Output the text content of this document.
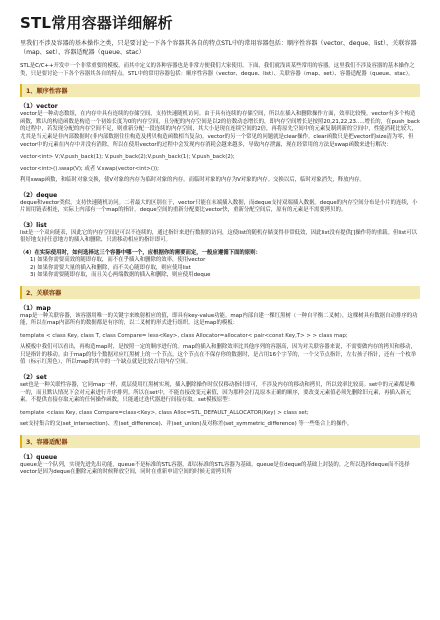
STL常用容器详细解析
里我们不涉及容器的基本操作之类，只是要讨论一下各个容器其各自的特点STL中的常用容器包括：顺序性容器（vector、deque、list）、关联容器（map、set）、容器适配器（queue、stac）
STL是C/C++开发中一个非常重要的模板，而其中定义的各种容器也是非常方便我们大家使用。下面，我们就浅谈某些常用的容器。这里我们不涉及容器的基本操作之类，只是要讨论一下各个容器其各自的特点。STL中的常用容器包括：顺序性容器（vector、deque、list）、关联容器（map、set）、容器适配器（queue、stac）。
1、顺序性容器
（1）vector
vector是一种动态数组，在内存中具有连续的存储空间，支持快速随机访问。由于具有连续的存储空间，所以在插入和删除操作方面，效率比较慢。vector有多个构造函数，默认的构造函数是构造一个初始长度为0的内存空间，且分配的内存空间是以2的倍数动态增长的，即内存空间增长是按照20,21,22,23.....增长的，在push_back的过程中，若发现分配的内存空间不足，则重新分配一段连续的内存空间，其大小是现在连续空间的2倍，再将原先空间中的元素复制到新的空间中，性能消耗比较大，尤其是当元素是非内部数据时(非内部数据往往构造及拷贝构造函数相当复杂)。vector的另一个常见的问题就是clear操作。clear函数只是把vector的size清为零，但vector中的元素在内存中并没有消除，所以在使用vector的过程中会发现内存消耗会越来越多，导致内存泄露，现在经常用的方法是swap函数来进行解决：
vector<int> V;V.push_back(1); V.push_back(2);V.push_back(1); V.push_back(2);
vector<int>().swap(V); 或者 V.swap(vector<int>());
利用swap函数，和临时对象交换，使V对象的内存为临时对象的内存，而临时对象的内存为V对象的内存。交换以后，临时对象消失，释放内存。
（2）deque
deque和vector类似，支持快速随机访问。二者最大的区别在于，vector只能在末端插入数据，而deque支持双端插入数据。deque的内存空间分布是小片的连续，小片间用链表相连，实际上内部有一个map的指针。deque空间的重新分配要比vector快，重新分配空间后，原有的元素是不需要拷贝的。
（3）list
list是一个双向链表，因此它的内存空间是可以不连续的，通过指针来进行数据的访问，这使list的随机存储变得非常低效，因此list没有提供[]操作符的重载。但list可以很好地支持任意地方的插入和删除，只需移动相应的指针即可。
（4）在实际使用时，如何选择这三个容器中哪一个，应根据你的需要而定，一般应遵循下面的原则：
1) 如果你需要高效的随即存取，而不在乎插入和删除的效率，使用vector
2) 如果你需要大量的插入和删除，而不关心随即存取，则应使用list
3) 如果你需要随即存取，而且关心两端数据的插入和删除，则应使用deque
2、关联容器
（1）map
map是一种关联容器，该容器用唯一的关键字来映射相应的值，即具有key-value功能。map内部自建一棵红黑树（一种自平衡二叉树），这棵树具有数据自动排序的功能，所以在map内部所有的数据都是有序的，以二叉树的形式进行组织。这是map的模板：
template < class Key, class T, class Compare= less<Key>, class Allocator=allocator< pair<const Key,T> > > class map;
从模板中我们可以看出，再构造map时，是按照一定的顺序进行的。map的插入和删除效率比其他序列的容器高，因为对关联容器来说，不需要做内存的拷贝和移动，只是指针的移动。由于map的每个数据对应红黑树上的一个节点，这个节点在不保存你的数据时，是占用16个字节的，一个父节点指针，左右孩子指针，还有一个枚举值（标示红黑色），所以map的其中的一个缺点就是比较占用内存空间。
（2）set
set也是一种关联性容器，它同map一样，底层使用红黑树实现，插入删除操作时仅仅移动指针即可，不涉及内存的移动和拷贝，所以效率比较高。set中的元素都是唯一的，而且默认情况下会对元素进行升序排列。所以在set中，不能直接改变元素值，因为那样会打乱原本正确的顺序，要改变元素值必须先删除旧元素，再插入新元素。不提供直接存取元素的任何操作函数，只能通过迭代器进行间接存取。set模板原型：
template <class Key, class Compare=class<Key>, class Alloc=STL_DEFAULT_ALLOCATOR(Key) > class set;
set支持集合的交(set_intersection)、差(set_difference)、并(set_union)及对称差(set_symmetric_difference) 等一些集合上的操作。
3、容器适配器
（1）queue
queue是一个队列，实现先进先出功能，queue不是标准的STL容器，却以标准的STL容器为基础。queue是在deque的基础上封装的。之所以选择deque而不选择vector是因为deque在删除元素的时候释放空间，同时在重新申请空间的时候无需拷贝所
